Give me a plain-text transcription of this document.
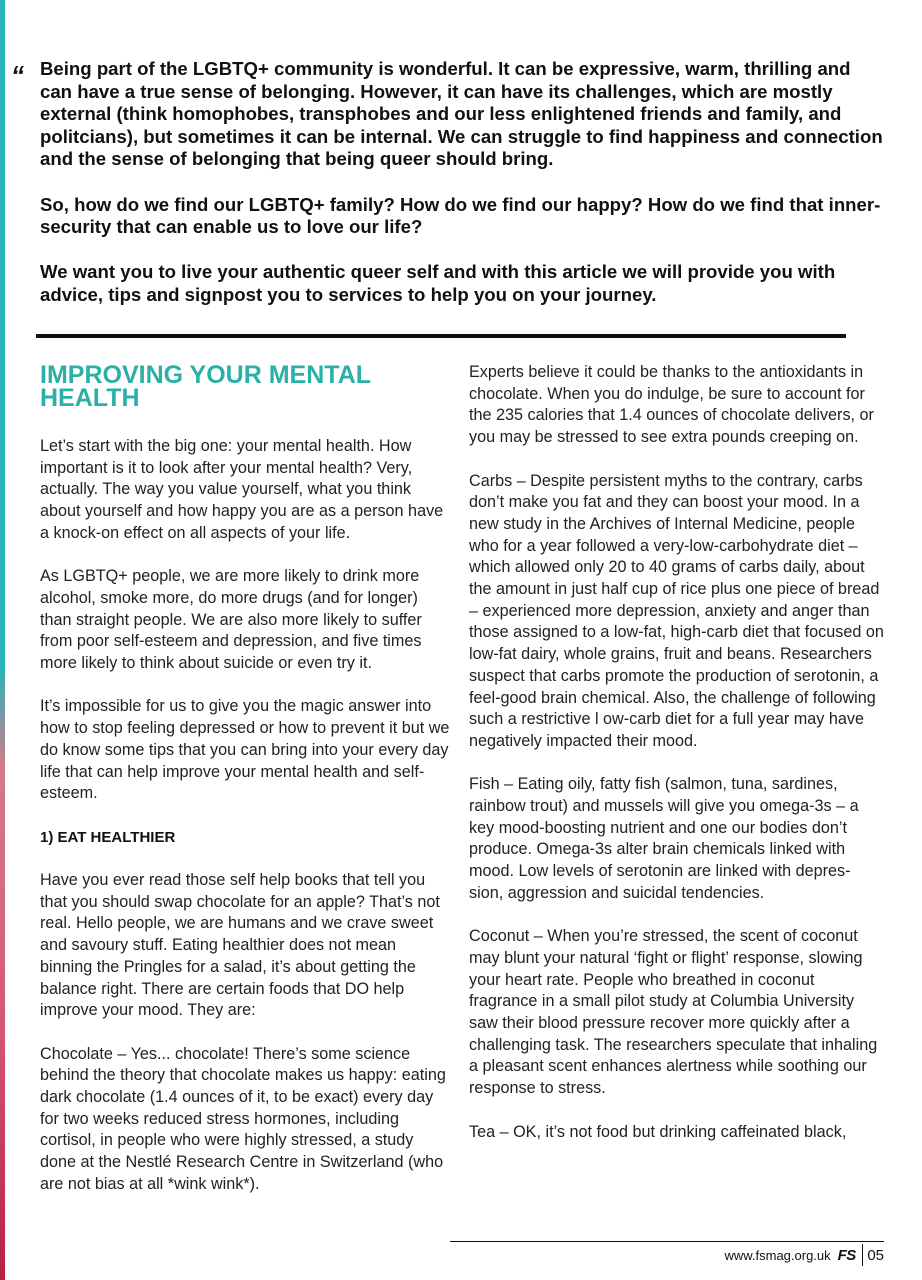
“ Being part of the LGBTQ+ community is wonderful. It can be expressive, warm, thrilling and can have a true sense of belonging. However, it can have its challenges, which are mostly external (think homophobes, transphobes and our less enlightened friends and family, and politcians), but sometimes it can be internal. We can struggle to find happiness and connection and the sense of belonging that being queer should bring.

So, how do we find our LGBTQ+ family? How do we find our happy? How do we find that inner-security that can enable us to love our life?

We want you to live your authentic queer self and with this article we will provide you with advice, tips and signpost you to services to help you on your journey.

IMPROVING YOUR MENTAL HEALTH

Let’s start with the big one: your mental health. How important is it to look after your mental health? Very, actually. The way you value yourself, what you think about yourself and how happy you are as a person have a knock-on effect on all aspects of your life.

As LGBTQ+ people, we are more likely to drink more alcohol, smoke more, do more drugs (and for longer) than straight people. We are also more likely to suffer from poor self-esteem and depression, and five times more likely to think about suicide or even try it.

It’s impossible for us to give you the magic answer into how to stop feeling depressed or how to prevent it but we do know some tips that you can bring into your every day life that can help improve your mental health and self-esteem.

1) EAT HEALTHIER

Have you ever read those self help books that tell you that you should swap chocolate for an apple? That’s not real. Hello people, we are humans and we crave sweet and savoury stuff. Eating healthier does not mean binning the Pringles for a salad, it’s about getting the balance right. There are certain foods that DO help improve your mood. They are:

Chocolate – Yes... chocolate! There’s some science behind the theory that chocolate makes us happy: eating dark chocolate (1.4 ounces of it, to be exact) every day for two weeks reduced stress hormones, including cortisol, in people who were highly stressed, a study done at the Nestlé Research Centre in Switzerland (who are not bias at all *wink wink*).

Experts believe it could be thanks to the antioxidants in chocolate. When you do indulge, be sure to account for the 235 calories that 1.4 ounces of chocolate delivers, or you may be stressed to see extra pounds creeping on.

Carbs – Despite persistent myths to the contrary, carbs don’t make you fat and they can boost your mood. In a new study in the Archives of Internal Medicine, people who for a year followed a very-low-carbohydrate diet – which allowed only 20 to 40 grams of carbs daily, about the amount in just half cup of rice plus one piece of bread – experienced more depression, anxiety and anger than those assigned to a low-fat, high-carb diet that focused on low-fat dairy, whole grains, fruit and beans. Researchers suspect that carbs promote the production of serotonin, a feel-good brain chemical. Also, the challenge of following such a restrictive l ow-carb diet for a full year may have negatively impacted their mood.

Fish – Eating oily, fatty fish (salmon, tuna, sardines, rainbow trout) and mussels will give you omega-3s – a key mood-boosting nutrient and one our bodies don’t produce. Omega-3s alter brain chemicals linked with mood. Low levels of serotonin are linked with depres-sion, aggression and suicidal tendencies.

Coconut – When you’re stressed, the scent of coconut may blunt your natural ‘fight or flight’ response, slowing your heart rate. People who breathed in coconut fragrance in a small pilot study at Columbia University saw their blood pressure recover more quickly after a challenging task. The researchers speculate that inhaling a pleasant scent enhances alertness while soothing our response to stress.

Tea – OK, it’s not food but drinking caffeinated black,

www.fsmag.org.uk FS 05
